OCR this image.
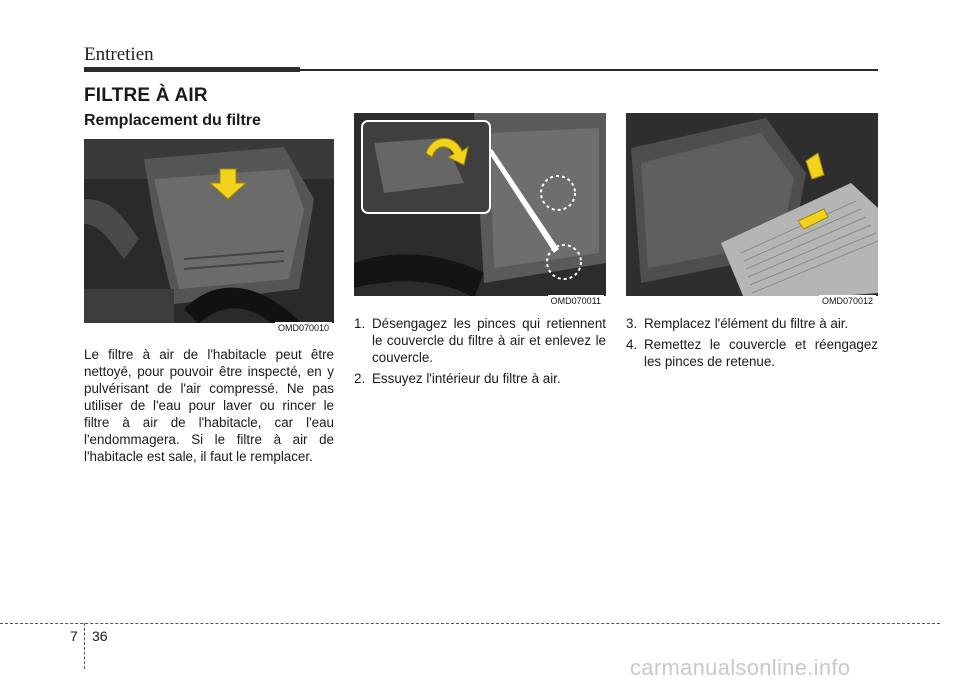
Entretien
FILTRE À AIR
Remplacement du filtre
OMD070010
OMD070011	OMD070012

Le filtre à air de l'habitacle peut être nettoyé, pour pouvoir être inspecté, en y pulvérisant de l'air compressé. Ne pas utiliser de l'eau pour laver ou rincer le filtre à air de l'habitacle, car l'eau l'endommagera. Si le filtre à air de l'habitacle est sale, il faut le remplacer.

1. Désengagez les pinces qui retiennent le couvercle du filtre à air et enlevez le couvercle.
2. Essuyez l'intérieur du filtre à air.
3. Remplacez l'élément du filtre à air.
4. Remettez le couvercle et réengagez les pinces de retenue.
7 36
carmanualsonline.info
